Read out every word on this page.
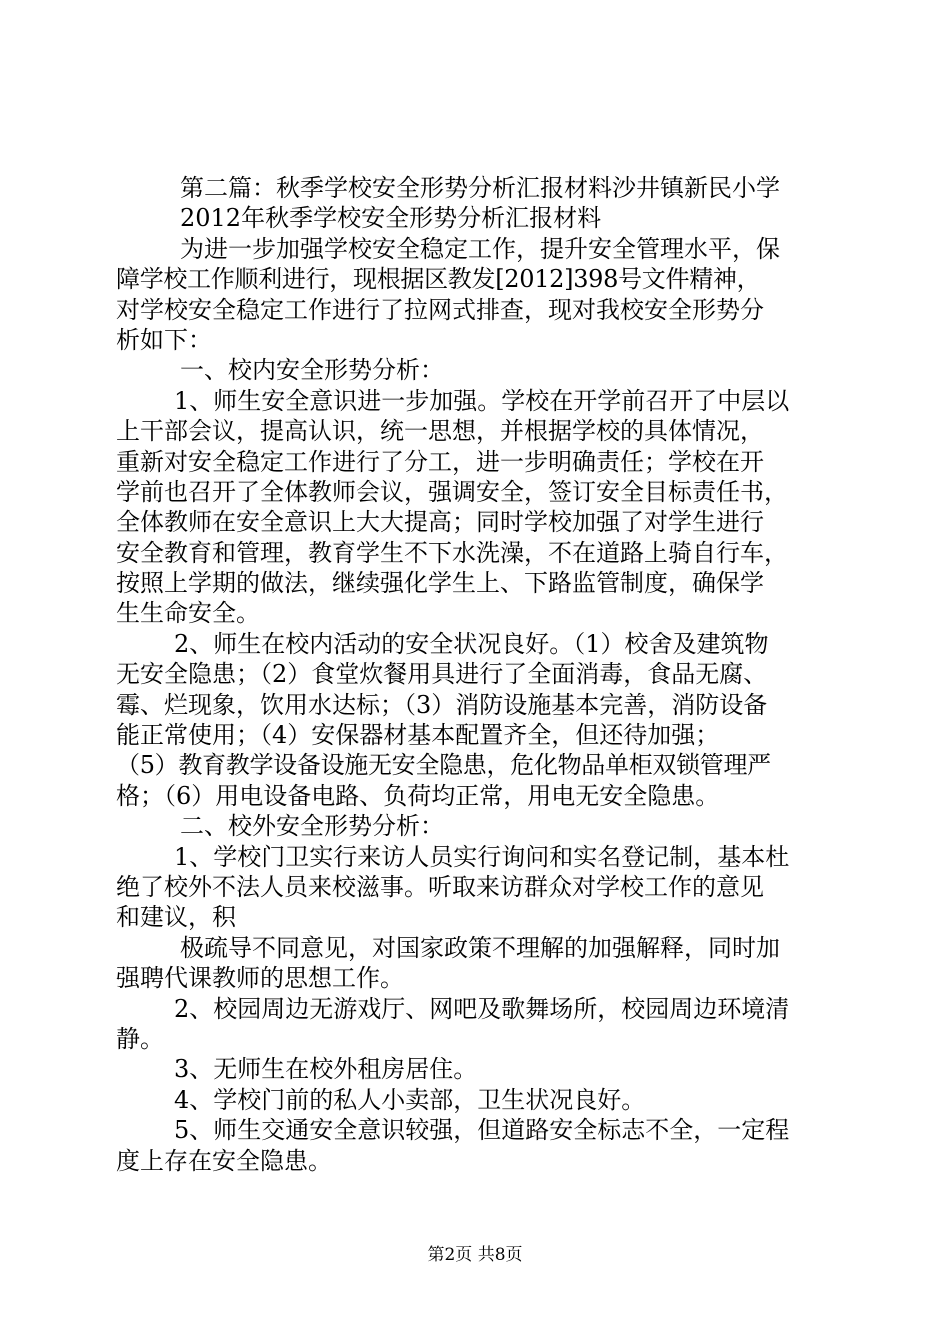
第二篇：秋季学校安全形势分析汇报材料沙井镇新民小学
2012年秋季学校安全形势分析汇报材料
为进一步加强学校安全稳定工作，提升安全管理水平，保
障学校工作顺利进行，现根据区教发[2012]398号文件精神，
对学校安全稳定工作进行了拉网式排查，现对我校安全形势分
析如下：
一、校内安全形势分析：
1、师生安全意识进一步加强。学校在开学前召开了中层以
上干部会议，提高认识，统一思想，并根据学校的具体情况，
重新对安全稳定工作进行了分工，进一步明确责任；学校在开
学前也召开了全体教师会议，强调安全，签订安全目标责任书，
全体教师在安全意识上大大提高；同时学校加强了对学生进行
安全教育和管理，教育学生不下水洗澡，不在道路上骑自行车，
按照上学期的做法，继续强化学生上、下路监管制度，确保学
生生命安全。
2、师生在校内活动的安全状况良好。（1）校舍及建筑物
无安全隐患；（2）食堂炊餐用具进行了全面消毒，食品无腐、
霉、烂现象，饮用水达标；（3）消防设施基本完善，消防设备
能正常使用；（4）安保器材基本配置齐全，但还待加强；
（5）教育教学设备设施无安全隐患，危化物品单柜双锁管理严
格；（6）用电设备电路、负荷均正常，用电无安全隐患。
二、校外安全形势分析：
1、学校门卫实行来访人员实行询问和实名登记制，基本杜
绝了校外不法人员来校滋事。听取来访群众对学校工作的意见
和建议，积
极疏导不同意见，对国家政策不理解的加强解释，同时加
强聘代课教师的思想工作。
2、校园周边无游戏厅、网吧及歌舞场所，校园周边环境清
静。
3、无师生在校外租房居住。
4、学校门前的私人小卖部，卫生状况良好。
5、师生交通安全意识较强，但道路安全标志不全，一定程
度上存在安全隐患。
第2页 共8页
